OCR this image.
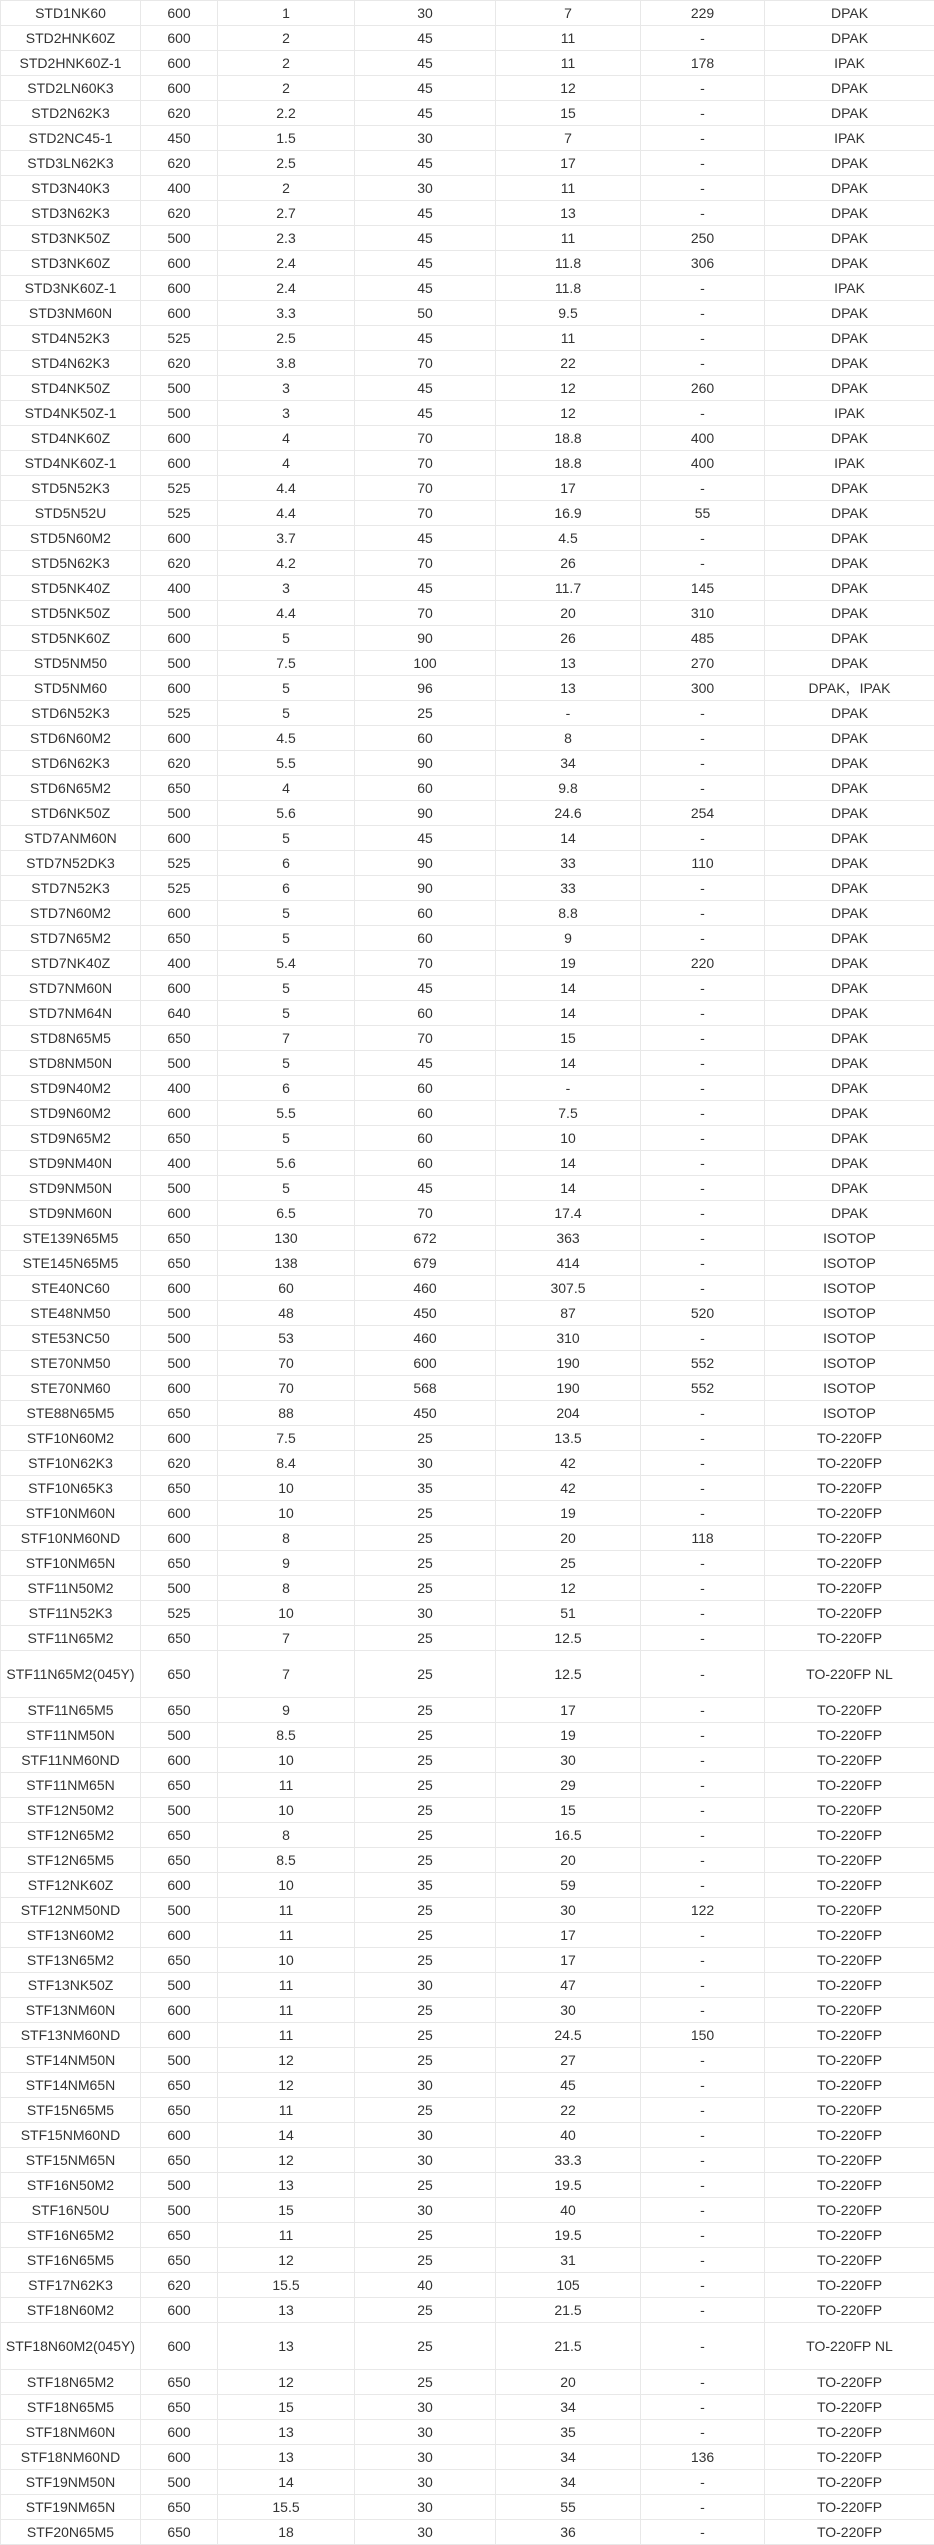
STD1NK60	600	1	30	7	229	DPAK
STD2HNK60Z	600	2	45	11	-	DPAK
STD2HNK60Z-1	600	2	45	11	178	IPAK
STD2LN60K3	600	2	45	12	-	DPAK
STD2N62K3	620	2.2	45	15	-	DPAK
STD2NC45-1	450	1.5	30	7	-	IPAK
STD3LN62K3	620	2.5	45	17	-	DPAK
STD3N40K3	400	2	30	11	-	DPAK
STD3N62K3	620	2.7	45	13	-	DPAK
STD3NK50Z	500	2.3	45	11	250	DPAK
STD3NK60Z	600	2.4	45	11.8	306	DPAK
STD3NK60Z-1	600	2.4	45	11.8	-	IPAK
STD3NM60N	600	3.3	50	9.5	-	DPAK
STD4N52K3	525	2.5	45	11	-	DPAK
STD4N62K3	620	3.8	70	22	-	DPAK
STD4NK50Z	500	3	45	12	260	DPAK
STD4NK50Z-1	500	3	45	12	-	IPAK
STD4NK60Z	600	4	70	18.8	400	DPAK
STD4NK60Z-1	600	4	70	18.8	400	IPAK
STD5N52K3	525	4.4	70	17	-	DPAK
STD5N52U	525	4.4	70	16.9	55	DPAK
STD5N60M2	600	3.7	45	4.5	-	DPAK
STD5N62K3	620	4.2	70	26	-	DPAK
STD5NK40Z	400	3	45	11.7	145	DPAK
STD5NK50Z	500	4.4	70	20	310	DPAK
STD5NK60Z	600	5	90	26	485	DPAK
STD5NM50	500	7.5	100	13	270	DPAK
STD5NM60	600	5	96	13	300	DPAK，IPAK
STD6N52K3	525	5	25	-	-	DPAK
STD6N60M2	600	4.5	60	8	-	DPAK
STD6N62K3	620	5.5	90	34	-	DPAK
STD6N65M2	650	4	60	9.8	-	DPAK
STD6NK50Z	500	5.6	90	24.6	254	DPAK
STD7ANM60N	600	5	45	14	-	DPAK
STD7N52DK3	525	6	90	33	110	DPAK
STD7N52K3	525	6	90	33	-	DPAK
STD7N60M2	600	5	60	8.8	-	DPAK
STD7N65M2	650	5	60	9	-	DPAK
STD7NK40Z	400	5.4	70	19	220	DPAK
STD7NM60N	600	5	45	14	-	DPAK
STD7NM64N	640	5	60	14	-	DPAK
STD8N65M5	650	7	70	15	-	DPAK
STD8NM50N	500	5	45	14	-	DPAK
STD9N40M2	400	6	60	-	-	DPAK
STD9N60M2	600	5.5	60	7.5	-	DPAK
STD9N65M2	650	5	60	10	-	DPAK
STD9NM40N	400	5.6	60	14	-	DPAK
STD9NM50N	500	5	45	14	-	DPAK
STD9NM60N	600	6.5	70	17.4	-	DPAK
STE139N65M5	650	130	672	363	-	ISOTOP
STE145N65M5	650	138	679	414	-	ISOTOP
STE40NC60	600	60	460	307.5	-	ISOTOP
STE48NM50	500	48	450	87	520	ISOTOP
STE53NC50	500	53	460	310	-	ISOTOP
STE70NM50	500	70	600	190	552	ISOTOP
STE70NM60	600	70	568	190	552	ISOTOP
STE88N65M5	650	88	450	204	-	ISOTOP
STF10N60M2	600	7.5	25	13.5	-	TO-220FP
STF10N62K3	620	8.4	30	42	-	TO-220FP
STF10N65K3	650	10	35	42	-	TO-220FP
STF10NM60N	600	10	25	19	-	TO-220FP
STF10NM60ND	600	8	25	20	118	TO-220FP
STF10NM65N	650	9	25	25	-	TO-220FP
STF11N50M2	500	8	25	12	-	TO-220FP
STF11N52K3	525	10	30	51	-	TO-220FP
STF11N65M2	650	7	25	12.5	-	TO-220FP
STF11N65M2(045Y)	650	7	25	12.5	-	TO-220FP NL
STF11N65M5	650	9	25	17	-	TO-220FP
STF11NM50N	500	8.5	25	19	-	TO-220FP
STF11NM60ND	600	10	25	30	-	TO-220FP
STF11NM65N	650	11	25	29	-	TO-220FP
STF12N50M2	500	10	25	15	-	TO-220FP
STF12N65M2	650	8	25	16.5	-	TO-220FP
STF12N65M5	650	8.5	25	20	-	TO-220FP
STF12NK60Z	600	10	35	59	-	TO-220FP
STF12NM50ND	500	11	25	30	122	TO-220FP
STF13N60M2	600	11	25	17	-	TO-220FP
STF13N65M2	650	10	25	17	-	TO-220FP
STF13NK50Z	500	11	30	47	-	TO-220FP
STF13NM60N	600	11	25	30	-	TO-220FP
STF13NM60ND	600	11	25	24.5	150	TO-220FP
STF14NM50N	500	12	25	27	-	TO-220FP
STF14NM65N	650	12	30	45	-	TO-220FP
STF15N65M5	650	11	25	22	-	TO-220FP
STF15NM60ND	600	14	30	40	-	TO-220FP
STF15NM65N	650	12	30	33.3	-	TO-220FP
STF16N50M2	500	13	25	19.5	-	TO-220FP
STF16N50U	500	15	30	40	-	TO-220FP
STF16N65M2	650	11	25	19.5	-	TO-220FP
STF16N65M5	650	12	25	31	-	TO-220FP
STF17N62K3	620	15.5	40	105	-	TO-220FP
STF18N60M2	600	13	25	21.5	-	TO-220FP
STF18N60M2(045Y)	600	13	25	21.5	-	TO-220FP NL
STF18N65M2	650	12	25	20	-	TO-220FP
STF18N65M5	650	15	30	34	-	TO-220FP
STF18NM60N	600	13	30	35	-	TO-220FP
STF18NM60ND	600	13	30	34	136	TO-220FP
STF19NM50N	500	14	30	34	-	TO-220FP
STF19NM65N	650	15.5	30	55	-	TO-220FP
STF20N65M5	650	18	30	36	-	TO-220FP
